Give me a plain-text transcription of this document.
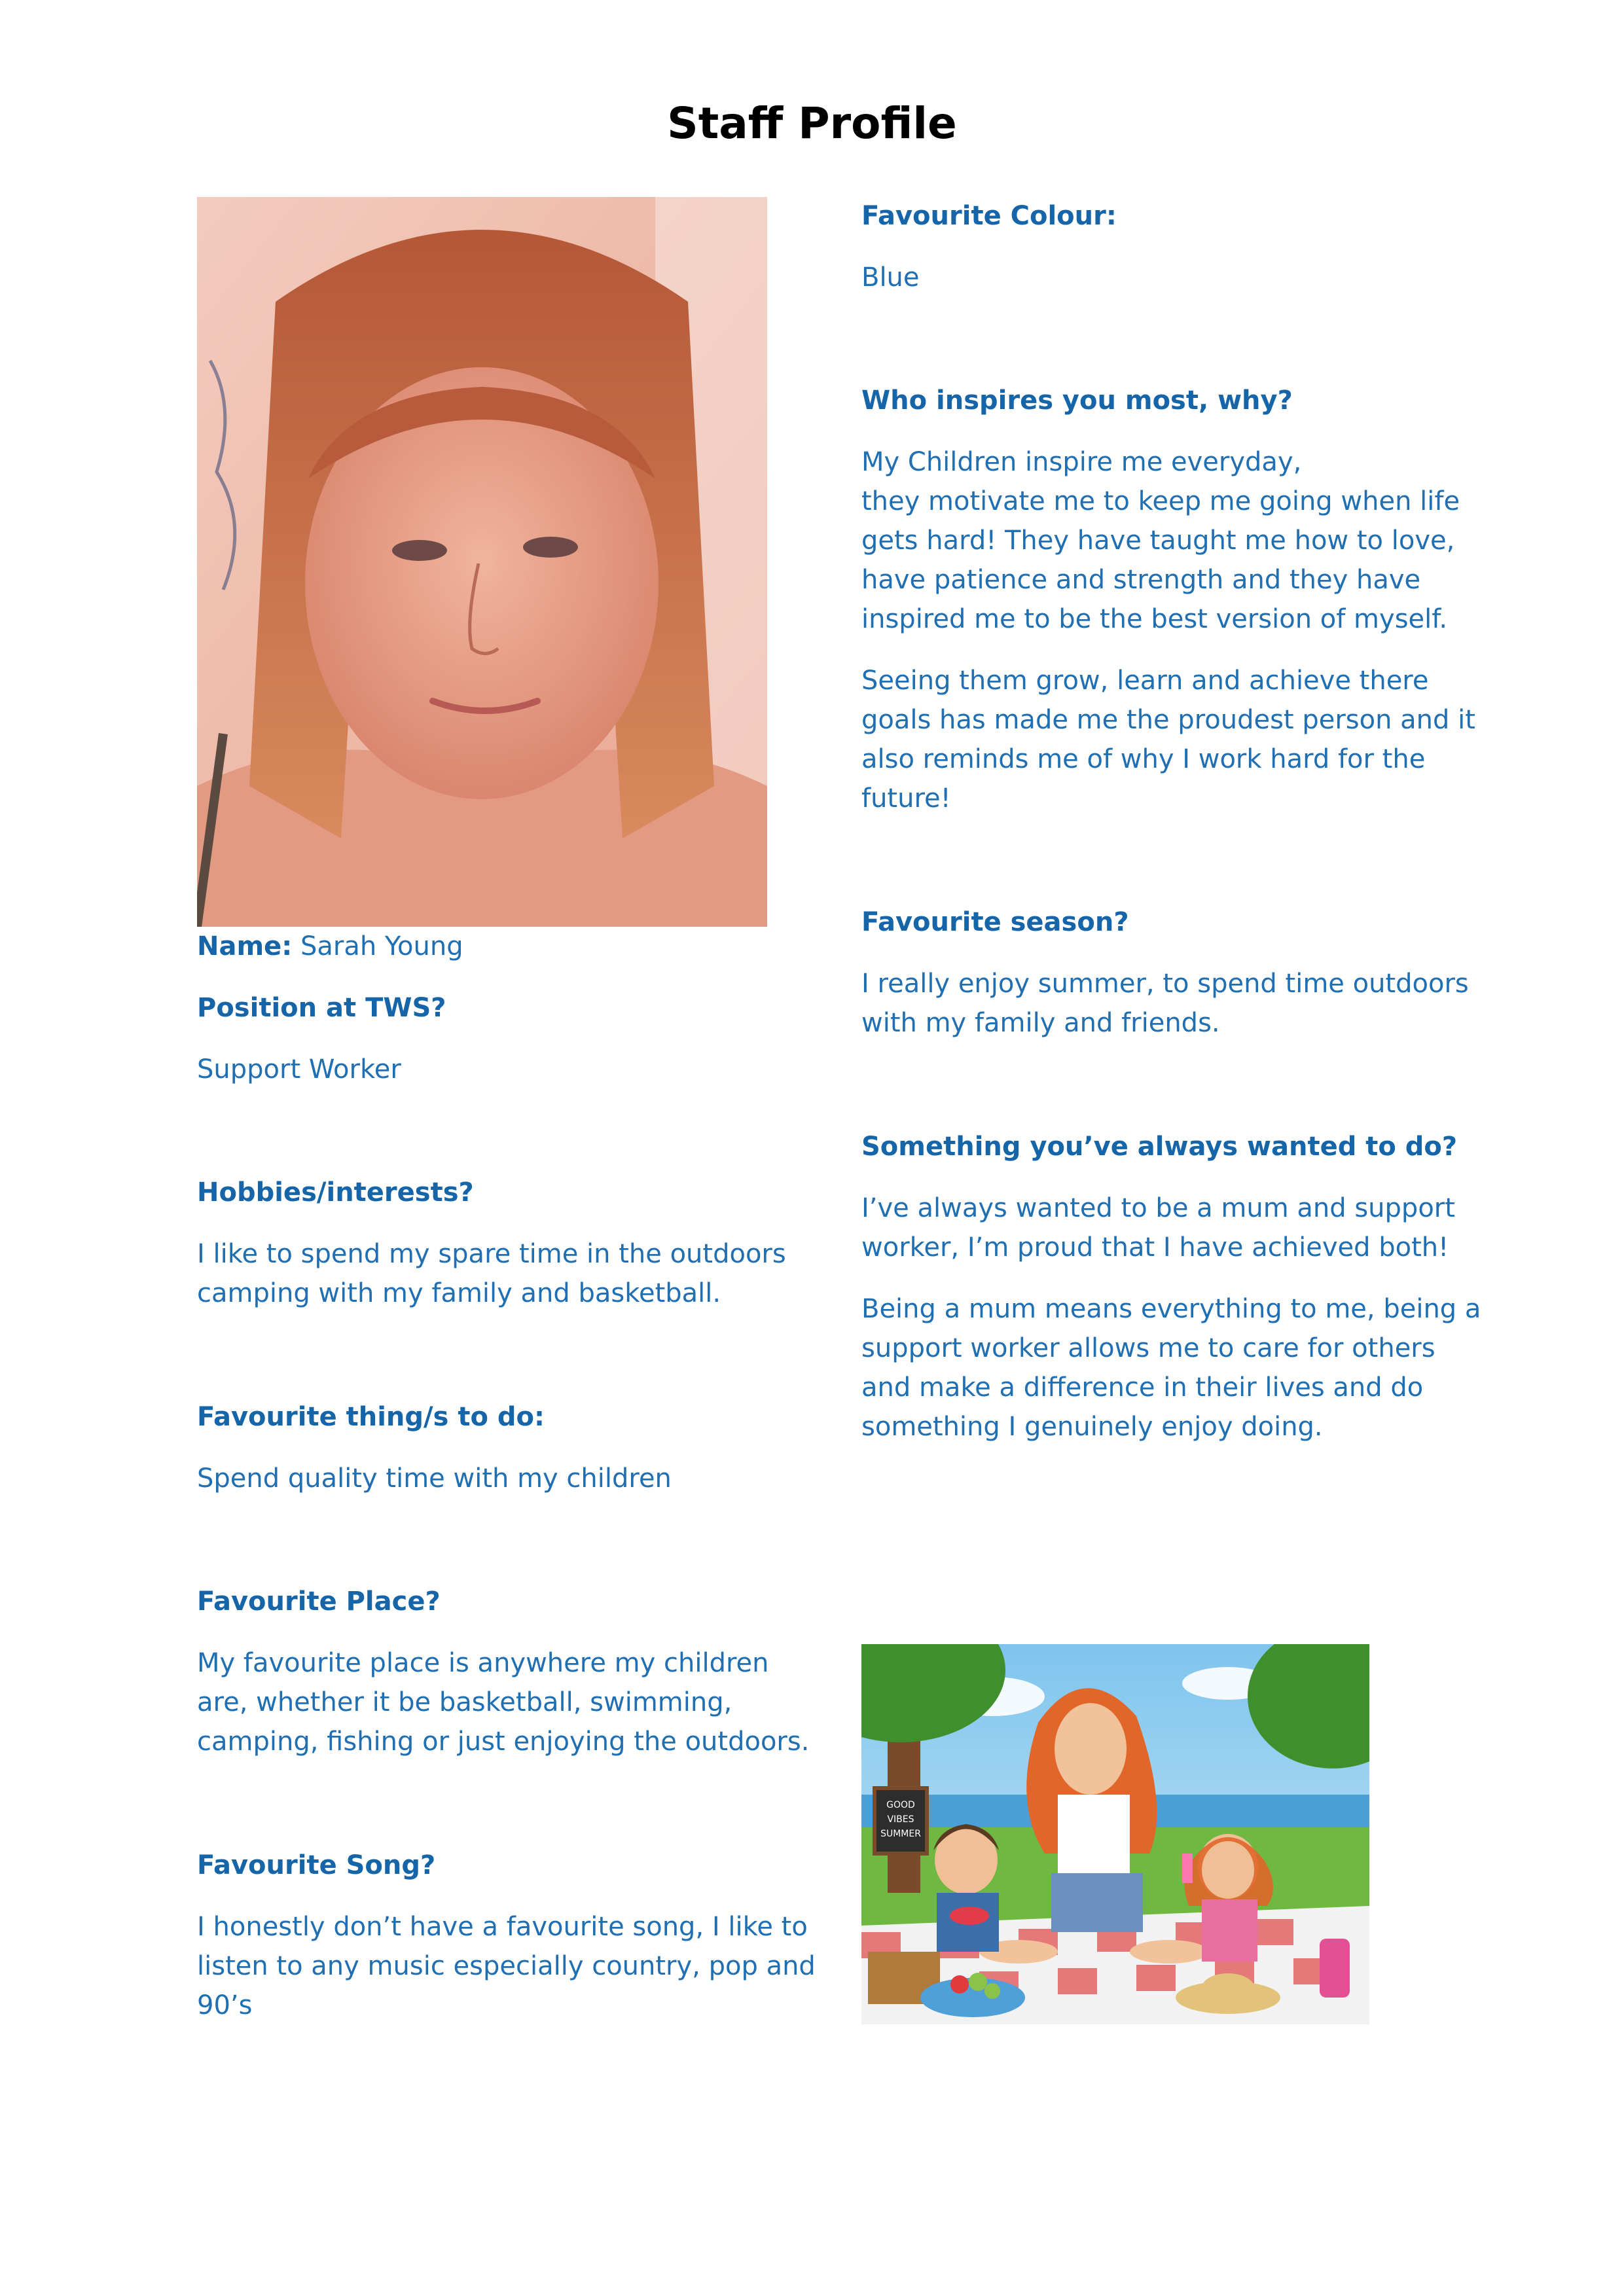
Staff Profile
Name: Sarah Young
Position at TWS?
Support Worker
Hobbies/interests?
I like to spend my spare time in the outdoors
camping with my family and basketball.
Favourite thing/s to do:
Spend quality time with my children
Favourite Place?
My favourite place is anywhere my children
are, whether it be basketball, swimming,
camping, fishing or just enjoying the outdoors.
Favourite Song?
I honestly don’t have a favourite song, I like to
listen to any music especially country, pop and
90’s
Favourite Colour:
Blue
Who inspires you most, why?
My Children inspire me everyday,
they motivate me to keep me going when life
gets hard! They have taught me how to love,
have patience and strength and they have
inspired me to be the best version of myself.
Seeing them grow, learn and achieve there
goals has made me the proudest person and it
also reminds me of why I work hard for the
future!
Favourite season?
I really enjoy summer, to spend time outdoors
with my family and friends.
Something you’ve always wanted to do?
I’ve always wanted to be a mum and support
worker, I’m proud that I have achieved both!
Being a mum means everything to me, being a
support worker allows me to care for others
and make a difference in their lives and do
something I genuinely enjoy doing.
GOOD
VIBES
SUMMER
